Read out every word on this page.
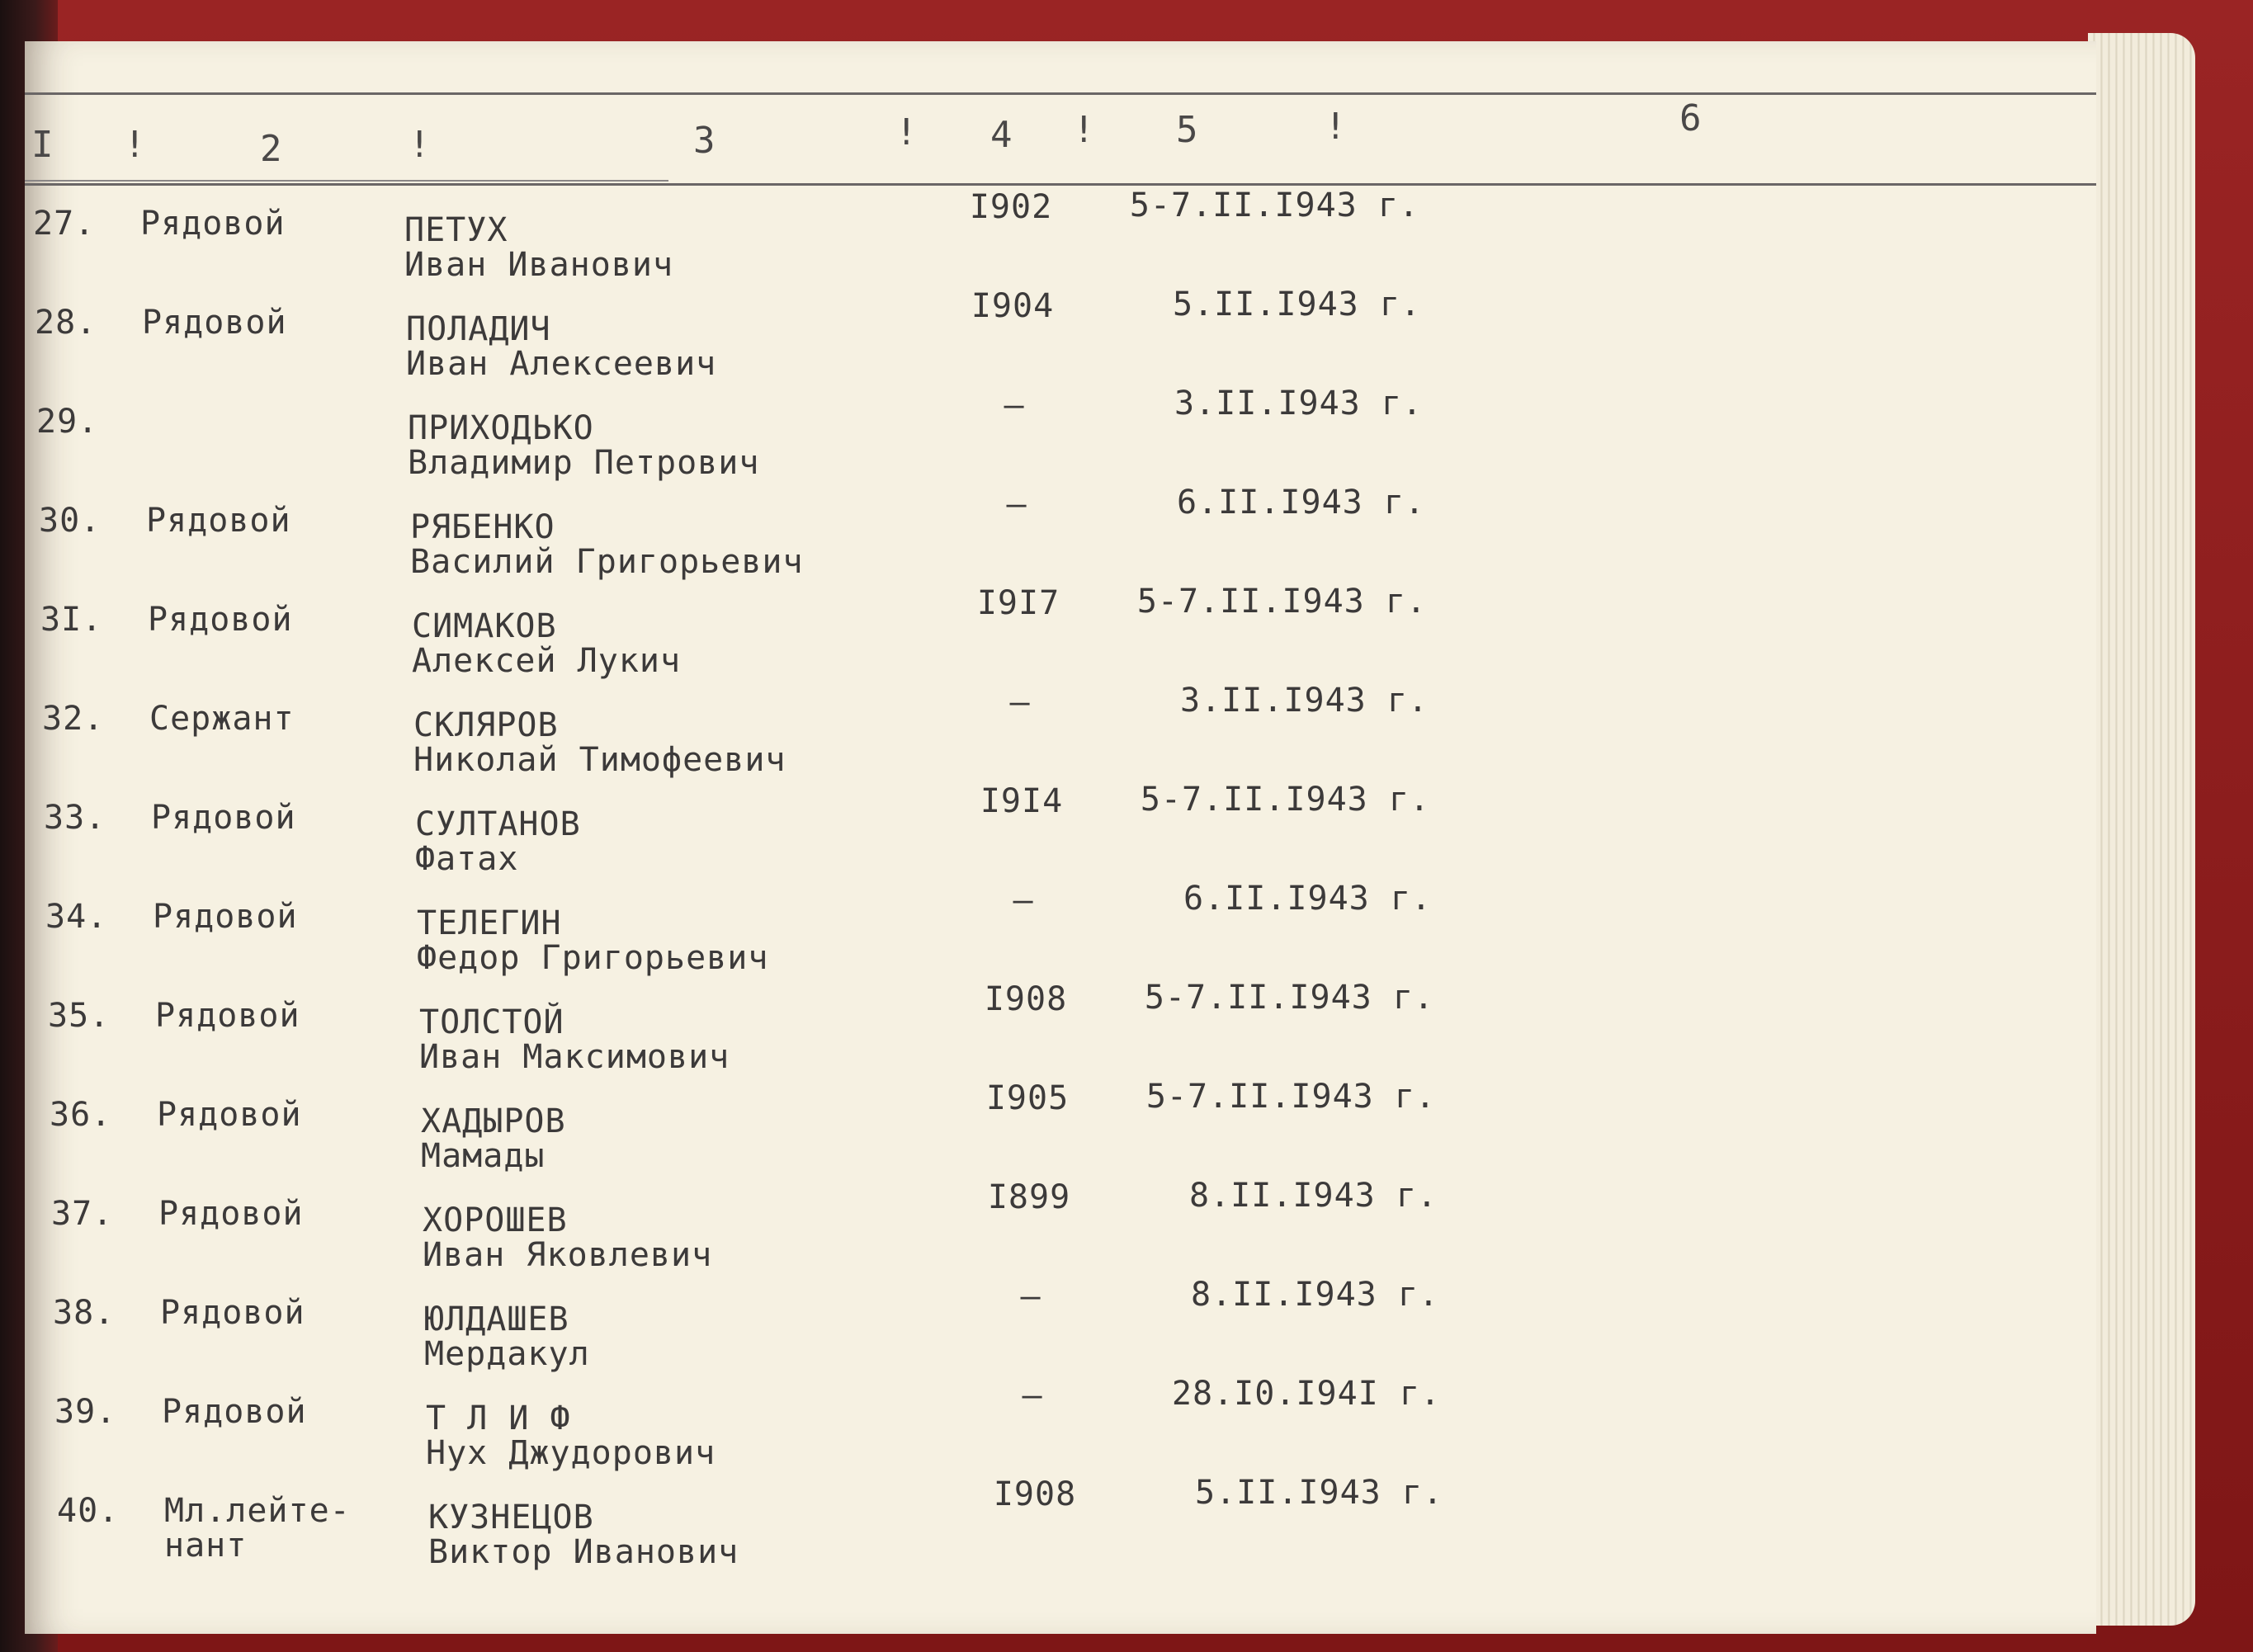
I !	2	!	3	! 4 ! 5	!	6
27. Рядовой	ПЕТУХ
Иван Иванович
I902	5-7.II.I943 г.
28. Рядовой	ПОЛАДИЧ
Иван Алексеевич
I904	5.II.I943 г.
29.	ПРИХОДЬКО
Владимир Петрович
—	3.II.I943 г.
30. Рядовой	РЯБЕНКО
Василий Григорьевич
—	6.II.I943 г.
3I. Рядовой	СИМАКОВ
Алексей Лукич
I9I7	5-7.II.I943 г.
32. Сержант	СКЛЯРОВ
Николай Тимофеевич
—	3.II.I943 г.
33. Рядовой	СУЛТАНОВ
Фатах
I9I4	5-7.II.I943 г.
34. Рядовой	ТЕЛЕГИН
Федор Григорьевич
—	6.II.I943 г.
35. Рядовой	ТОЛСТОЙ
Иван Максимович
I908	5-7.II.I943 г.
36. Рядовой	ХАДЫРОВ
Мамады
I905	5-7.II.I943 г.
37. Рядовой	ХОРОШЕВ
Иван Яковлевич
I899	8.II.I943 г.
38. Рядовой	ЮЛДАШЕВ
Мердакул
—	8.II.I943 г.
39. Рядовой	Т Л И Ф
Нух Джудорович
—	28.I0.I94I г.
40. Мл.лейте-
нант
КУЗНЕЦОВ
Виктор Иванович
I908	5.II.I943 г.
